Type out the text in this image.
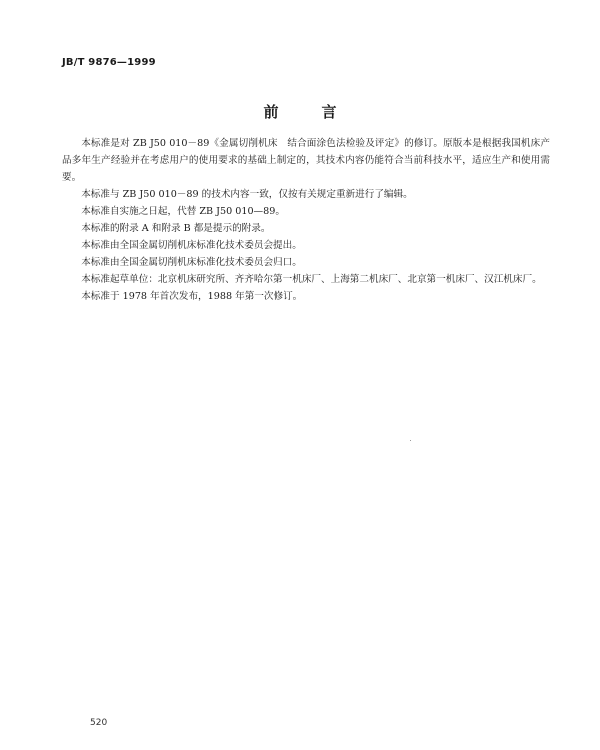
JB/T 9876—1999
前　言

本标准是对 ZB J50 010－89《金属切削机床　结合面涂色法检验及评定》的修订。原版本是根据我国机床产品多年生产经验并在考虑用户的使用要求的基础上制定的，其技术内容仍能符合当前科技水平，适应生产和使用需要。

本标准与 ZB J50 010－89 的技术内容一致，仅按有关规定重新进行了编辑。

本标准自实施之日起，代替 ZB J50 010—89。

本标准的附录 A 和附录 B 都是提示的附录。

本标准由全国金属切削机床标准化技术委员会提出。

本标准由全国金属切削机床标准化技术委员会归口。

本标准起草单位：北京机床研究所、齐齐哈尔第一机床厂、上海第二机床厂、北京第一机床厂、汉江机床厂。

本标准于 1978 年首次发布，1988 年第一次修订。

520
